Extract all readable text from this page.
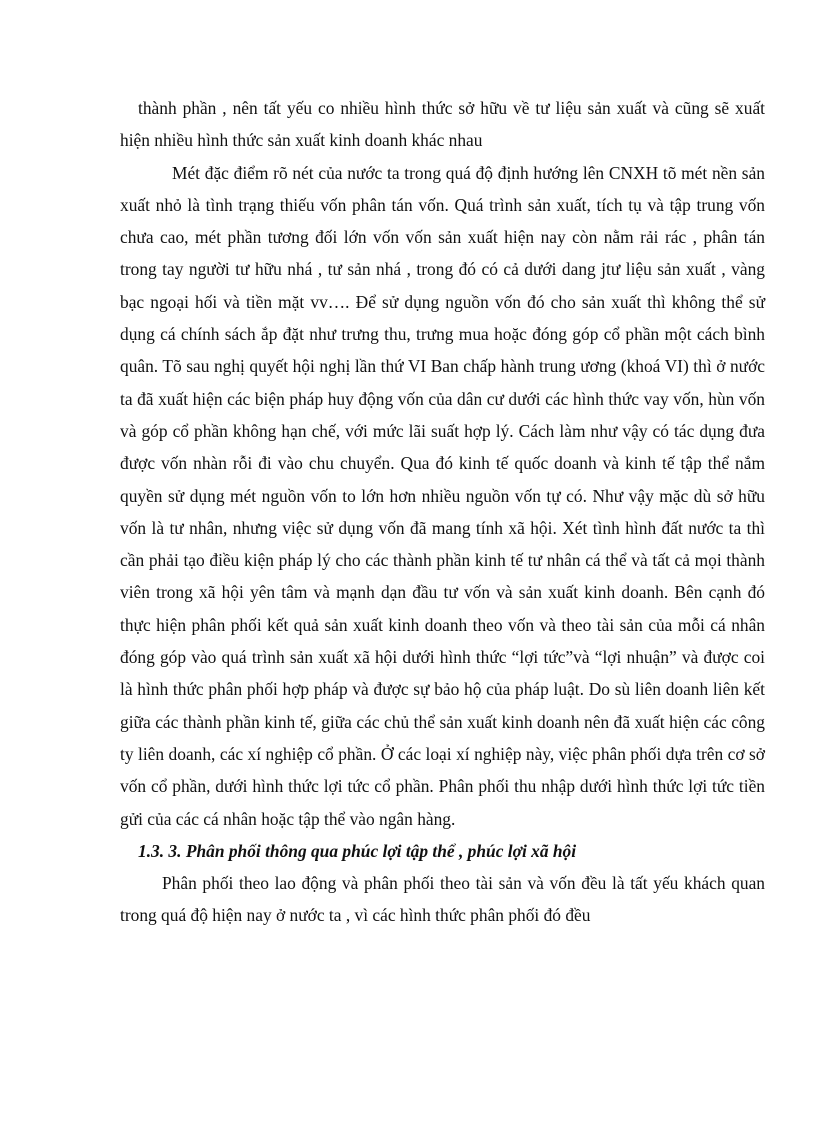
thành phần , nên tất yếu co nhiều hình thức sở hữu về tư liệu sản xuất và cũng sẽ xuất hiện nhiều hình thức sản xuất kinh doanh khác nhau

Mét đặc điểm rõ nét của nước ta trong quá độ định hướng lên CNXH tõ mét nền sản xuất nhỏ là tình trạng thiếu vốn phân tán vốn. Quá trình sản xuất, tích tụ và tập trung vốn chưa cao, mét phần tương đối lớn vốn vốn sản xuất hiện nay còn nằm rải rác , phân tán trong tay người tư hữu nhá , tư sản nhá , trong đó có cả dưới dang jtư liệu sản xuất , vàng bạc ngoại hối và tiền mặt vv…. Để sử dụng nguồn vốn đó cho sản xuất thì không thể sử dụng cá chính sách ắp đặt như trưng thu, trưng mua hoặc đóng góp cổ phần một cách bình quân. Tõ sau nghị quyết hội nghị lần thứ VI Ban chấp hành trung ương (khoá VI) thì ở nước ta đã xuất hiện các biện pháp huy động vốn của dân cư dưới các hình thức vay vốn, hùn vốn và góp cổ phần không hạn chế, với mức lãi suất hợp lý. Cách làm như vậy có tác dụng đưa được vốn nhàn rỗi đi vào chu chuyển. Qua đó kinh tế quốc doanh và kinh tế tập thể nắm quyền sử dụng mét nguồn vốn to lớn hơn nhiều nguồn vốn tự có. Như vậy mặc dù sở hữu vốn là tư nhân, nhưng việc sử dụng vốn đã mang tính xã hội. Xét tình hình đất nước ta thì cần phải tạo điều kiện pháp lý cho các thành phần kinh tế tư nhân cá thể và tất cả mọi thành viên trong xã hội yên tâm và mạnh dạn đầu tư vốn và sản xuất kinh doanh. Bên cạnh đó thực hiện phân phối kết quả sản xuất kinh doanh theo vốn và theo tài sản của mỗi cá nhân đóng góp vào quá trình sản xuất xã hội dưới hình thức “lợi tức”và “lợi nhuận” và được coi là hình thức phân phối hợp pháp và được sự bảo hộ của pháp luật. Do sù liên doanh liên kết giữa các thành phần kinh tế, giữa các chủ thể sản xuất kinh doanh nên đã xuất hiện các công ty liên doanh, các xí nghiệp cổ phần. Ở các loại xí nghiệp này, việc phân phối dựa trên cơ sở vốn cổ phần, dưới hình thức lợi tức cổ phần. Phân phối thu nhập dưới hình thức lợi tức tiền gửi của các cá nhân hoặc tập thể vào ngân hàng.

1.3. 3. Phân phối thông qua phúc lợi tập thể , phúc lợi xã hội

Phân phối theo lao động và phân phối theo tài sản và vốn đều là tất yếu khách quan trong quá độ hiện nay ở nước ta , vì các hình thức phân phối đó đều
